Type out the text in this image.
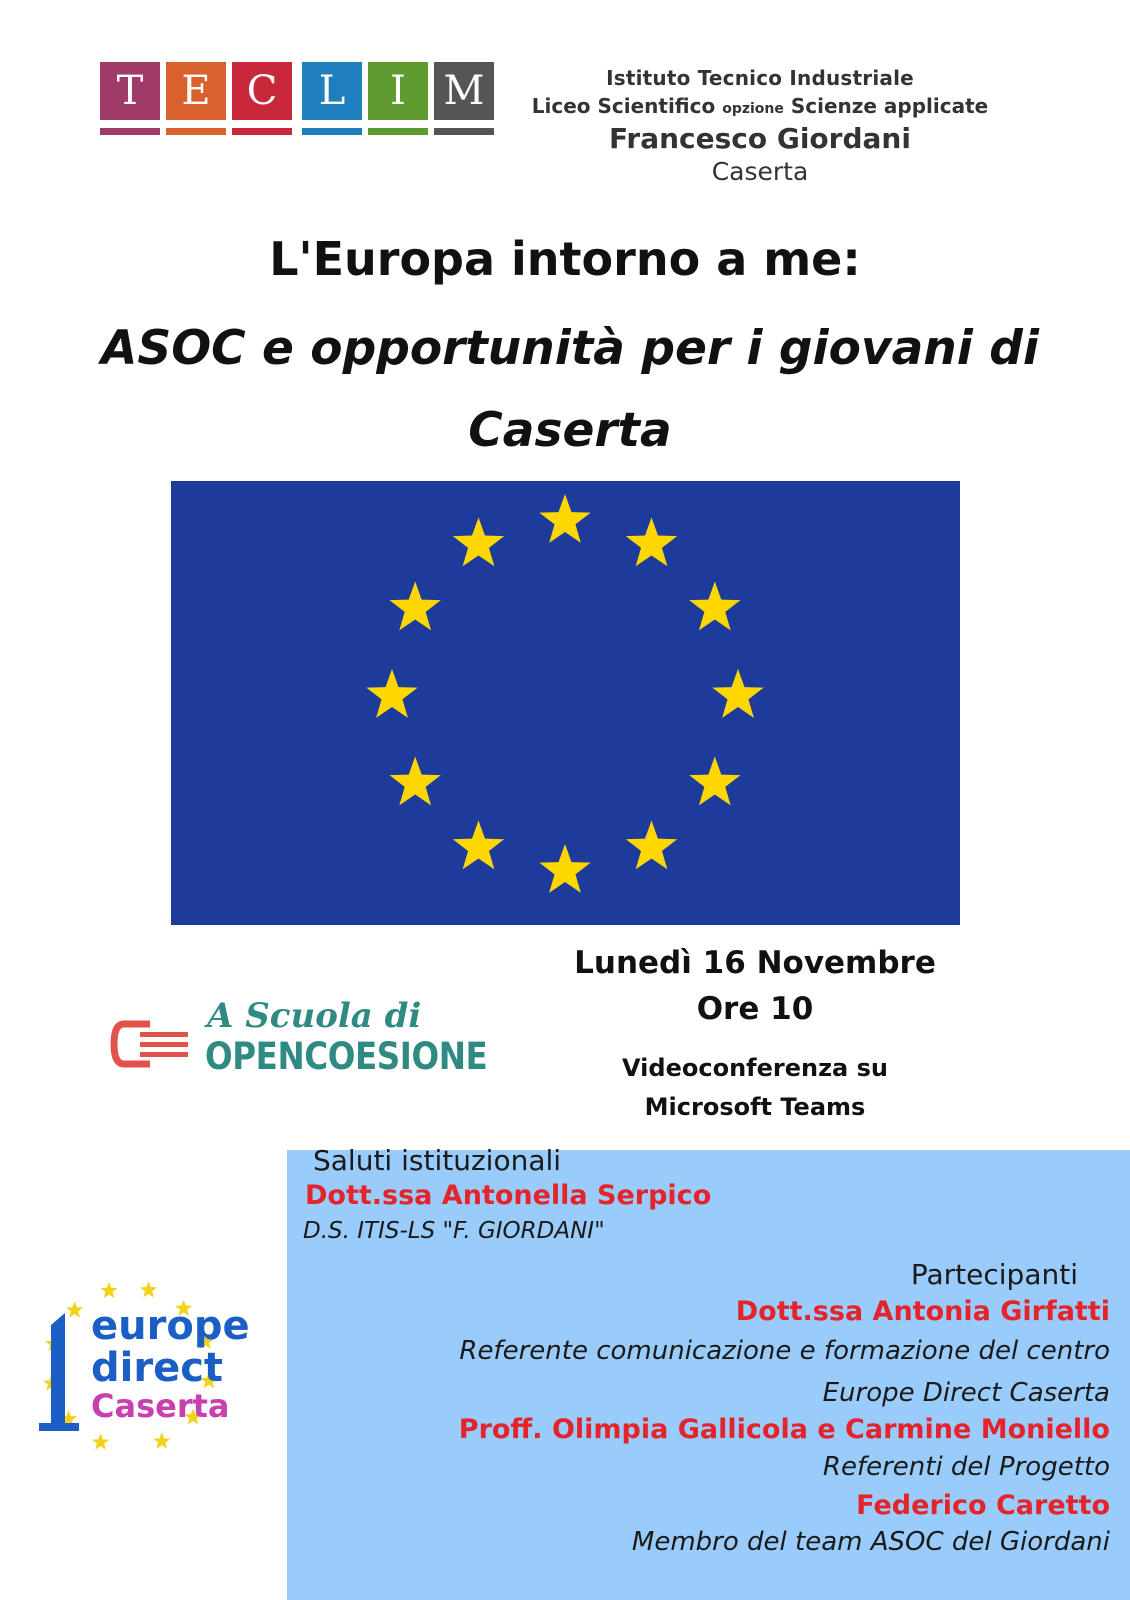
T E C	L	I M	Istituto Tecnico Industriale
Liceo Scientifico opzione Scienze applicate
Francesco Giordani
Caserta
L'Europa intorno a me:
ASOC e opportunità per i giovani di Caserta
Lunedì 16 Novembre
Ore 10
Videoconferenza su Microsoft Teams
A Scuola di
OPENCOESIONE
Saluti istituzionali
Dott.ssa Antonella Serpico
D.S. ITIS-LS "F. GIORDANI"
Partecipanti
Dott.ssa Antonia Girfatti
Referente comunicazione e formazione del centro
Europe Direct Caserta
Proff. Olimpia Gallicola e Carmine Moniello
Referenti del Progetto
Federico Caretto
Membro del team ASOC del Giordani
europe
direct
Caserta
